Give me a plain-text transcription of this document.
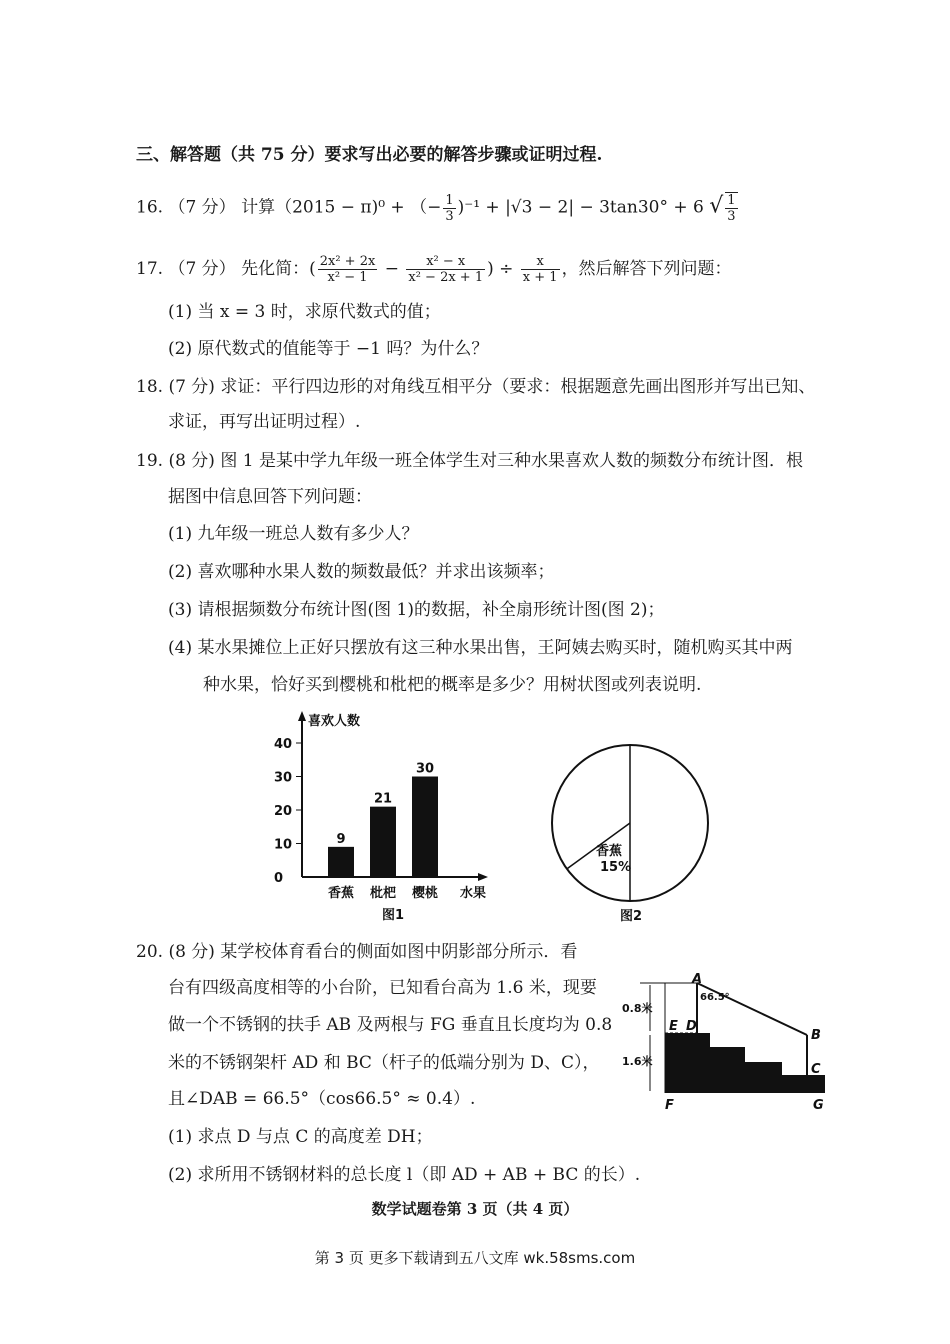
三、解答题（共 75 分）要求写出必要的解答步骤或证明过程.
16. （7 分） 计算（2015 − π)⁰ + （− $\frac{1}{3} )^{-1} + |√3 - 2| - 3\tan 30^\circ + 6$ √ $\frac{1}{3}$
17. （7 分） 先化简：( $\frac{\text{2x² + 2x}}{\text{x² − 1}} - \frac{\text{x² − x}}{\text{x² − 2x + 1}}$ ) ÷ $\frac{x}{x + 1}$ ，然后解答下列问题：
(1) 当 x = 3 时，求原代数式的值；
(2) 原代数式的值能等于 −1 吗？为什么？
18. (7 分) 求证：平行四边形的对角线互相平分（要求：根据题意先画出图形并写出已知、
求证，再写出证明过程）.
19. (8 分) 图 1 是某中学九年级一班全体学生对三种水果喜欢人数的频数分布统计图．根
据图中信息回答下列问题：
(1) 九年级一班总人数有多少人？
(2) 喜欢哪种水果人数的频数最低？并求出该频率；
(3) 请根据频数分布统计图(图 1)的数据，补全扇形统计图(图 2)；
(4) 某水果摊位上正好只摆放有这三种水果出售，王阿姨去购买时，随机购买其中两
种水果，恰好买到樱桃和枇杷的概率是多少？用树状图或列表说明.
喜欢人数
水果
图1
0
10
20
30
40
9
香蕉
21
枇杷
30
樱桃
香蕉
15%
图2
20. (8 分) 某学校体育看台的侧面如图中阴影部分所示．看
台有四级高度相等的小台阶，已知看台高为 1.6 米，现要
做一个不锈钢的扶手 AB 及两根与 FG 垂直且长度均为 0.8
米的不锈钢架杆 AD 和 BC（杆子的低端分别为 D、C），
且∠DAB = 66.5°（cos66.5° ≈ 0.4）.
(1) 求点 D 与点 C 的高度差 DH；
(2) 求所用不锈钢材料的总长度 l（即 AD + AB + BC 的长）.
0.8米
1.6米
66.5°
A
B
C
D
E
F	G
数学试题卷第 3 页（共 4 页）
第 3 页 更多下载请到五八文库 wk.58sms.com
